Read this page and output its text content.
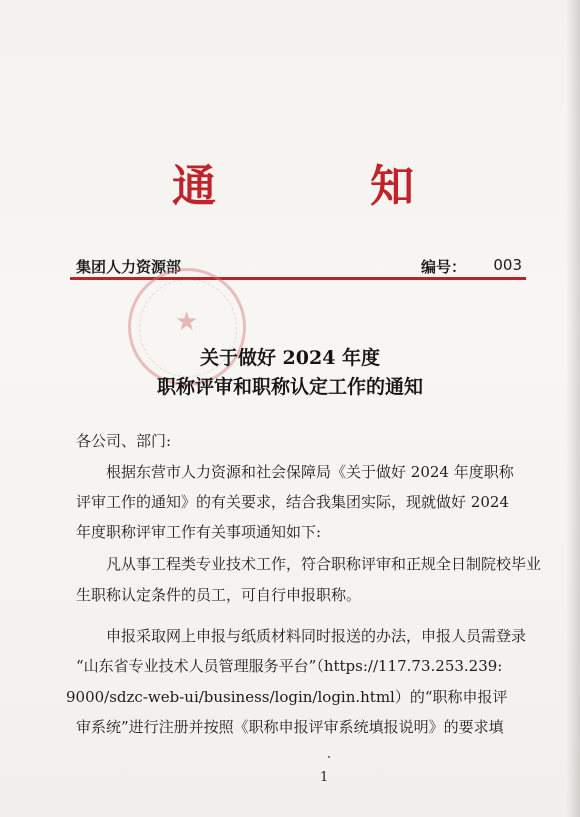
通	知
集团人力资源部	编号： 003
★
关于做好 2024 年度
职称评审和职称认定工作的通知
各公司、部门:
根据东营市人力资源和社会保障局《关于做好 2024 年度职称
评审工作的通知》的有关要求，结合我集团实际，现就做好 2024
年度职称评审工作有关事项通知如下:
凡从事工程类专业技术工作，符合职称评审和正规全日制院校毕业
生职称认定条件的员工，可自行申报职称。
申报采取网上申报与纸质材料同时报送的办法，申报人员需登录
“山东省专业技术人员管理服务平台”（https://117.73.253.239:
9000/sdzc-web-ui/business/login/login.html）的“职称申报评
审系统”进行注册并按照《职称申报评审系统填报说明》的要求填
1
